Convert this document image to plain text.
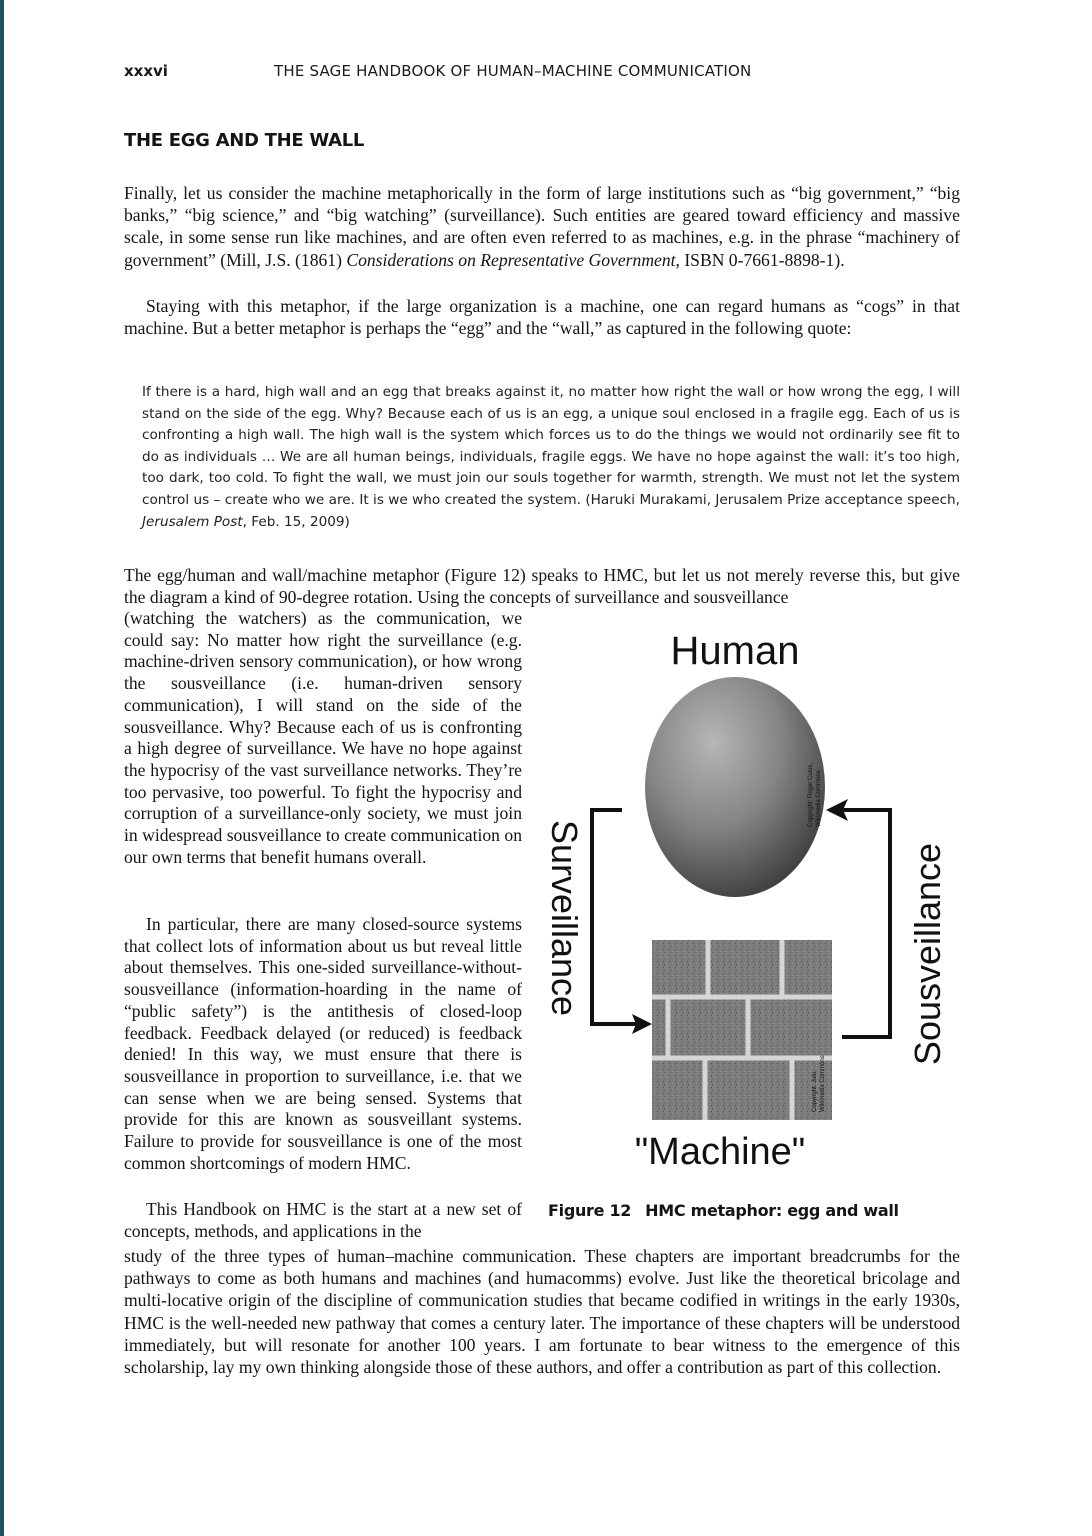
xxxvi	THE SAGE HANDBOOK OF HUMAN–MACHINE COMMUNICATION
THE EGG AND THE WALL

Finally, let us consider the machine metaphorically in the form of large institutions such as “big government,” “big banks,” “big science,” and “big watching” (surveillance). Such entities are geared toward efficiency and massive scale, in some sense run like machines, and are often even referred to as machines, e.g. in the phrase “machinery of government” (Mill, J.S. (1861) Considerations on Representative Government, ISBN 0-7661-8898-1).

Staying with this metaphor, if the large organization is a machine, one can regard humans as “cogs” in that machine. But a better metaphor is perhaps the “egg” and the “wall,” as captured in the following quote:

If there is a hard, high wall and an egg that breaks against it, no matter how right the wall or how wrong the egg, I will stand on the side of the egg. Why? Because each of us is an egg, a unique soul enclosed in a fragile egg. Each of us is confronting a high wall. The high wall is the system which forces us to do the things we would not ordinarily see fit to do as individuals … We are all human beings, individuals, fragile eggs. We have no hope against the wall: it’s too high, too dark, too cold. To fight the wall, we must join our souls together for warmth, strength. We must not let the system control us – create who we are. It is we who created the system. (Haruki Murakami, Jerusalem Prize acceptance speech, Jerusalem Post, Feb. 15, 2009)

The egg/human and wall/machine metaphor (Figure 12) speaks to HMC, but let us not merely reverse this, but give the diagram a kind of 90-degree rotation. Using the concepts of surveillance and sousveillance

(watching the watchers) as the communication, we could say: No matter how right the surveillance (e.g. machine-driven sensory communication), or how wrong the sousveillance (i.e. human-driven sensory communication), I will stand on the side of the sousveillance. Why? Because each of us is confronting a high degree of surveillance. We have no hope against the hypocrisy of the vast surveillance networks. They’re too pervasive, too powerful. To fight the hypocrisy and corruption of a surveillance-only society, we must join in widespread sousveillance to create communication on our own terms that benefit humans overall.

In particular, there are many closed-source systems that collect lots of information about us but reveal little about themselves. This one-sided surveillance-without-sousveillance (information-hoarding in the name of “public safety”) is the antithesis of closed-loop feedback. Feedback delayed (or reduced) is feedback denied! In this way, we must ensure that there is sousveillance in proportion to surveillance, i.e. that we can sense when we are being sensed. Systems that provide for this are known as sousveillant systems. Failure to provide for sousveillance is one of the most common shortcomings of modern HMC.

This Handbook on HMC is the start at a new set of concepts, methods, and applications in the

study of the three types of human–machine communication. These chapters are important breadcrumbs for the pathways to come as both humans and machines (and humacomms) evolve. Just like the theoretical bricolage and multi-locative origin of the discipline of communication studies that became codified in writings in the early 1930s, HMC is the well-needed new pathway that comes a century later. The importance of these chapters will be understood immediately, but will resonate for another 100 years. I am fortunate to bear witness to the emergence of this scholarship, lay my own thinking alongside those of these authors, and offer a contribution as part of this collection.

Human
Copyright: Roger Culos, Wikimedia Commons
Copyright: Julo, Wikimedia Commons
"Machine"
Surveillance	Sousveillance
Figure 12 HMC metaphor: egg and wall
